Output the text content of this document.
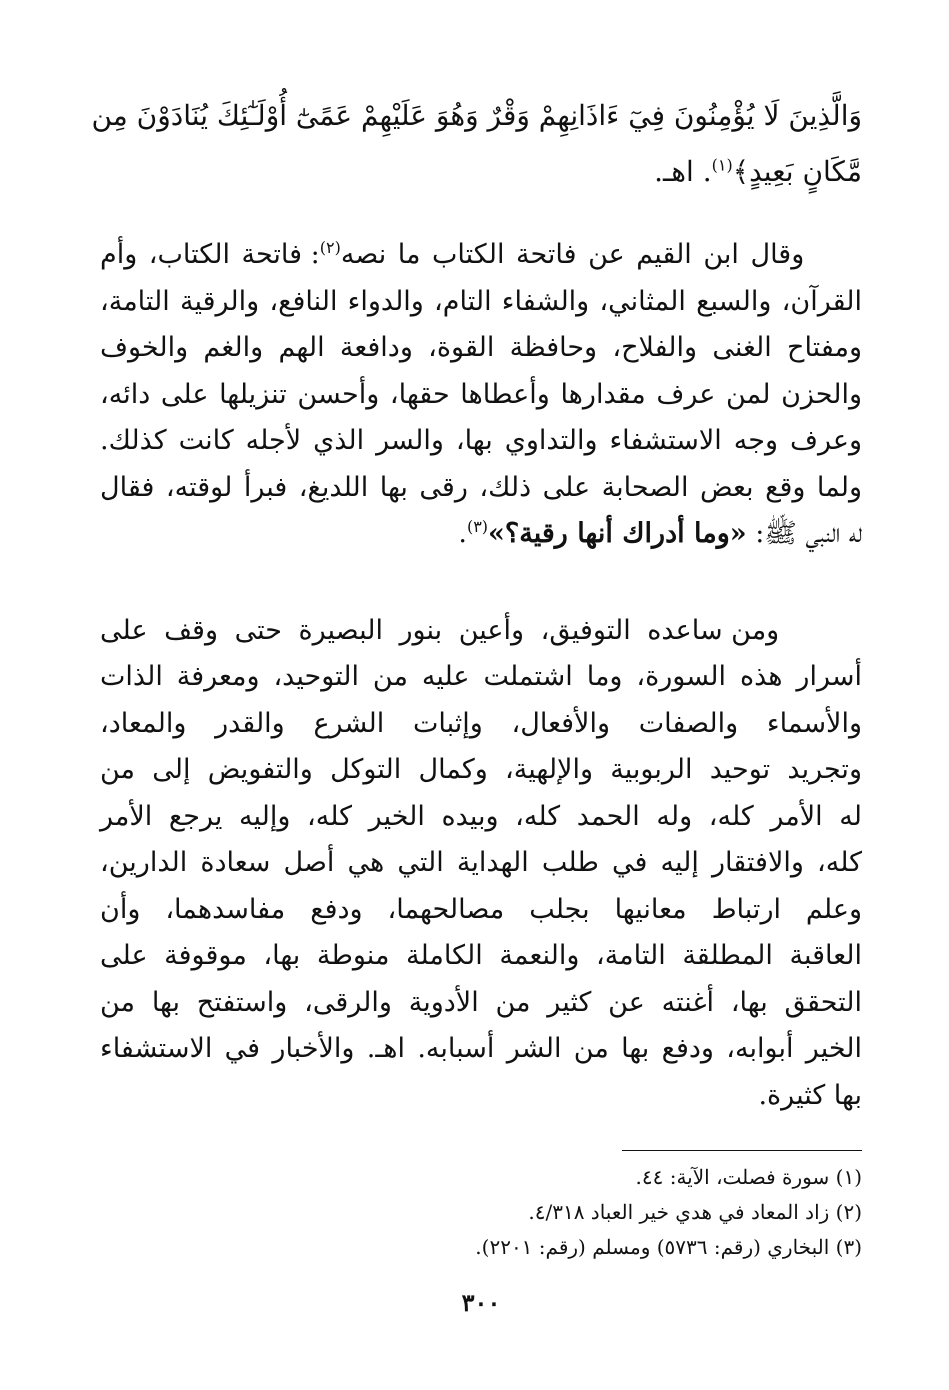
وَالَّذِينَ لَا يُؤْمِنُونَ فِيٓ ءَاذَانِهِمْ وَقْرٌ وَهُوَ عَلَيْهِمْ عَمًىٰٓ أُوْلَـٰٓئِكَ يُنَادَوْنَ مِن
مَّكَانٍ بَعِيدٍ﴾$^{(١)}$. اهـ.

وقال ابن القيم عن فاتحة الكتاب ما نصه$^{(٢)}$: فاتحة الكتاب، وأم
القرآن، والسبع المثاني، والشفاء التام، والدواء النافع، والرقية التامة،
ومفتاح الغنى والفلاح، وحافظة القوة، ودافعة الهم والغم والخوف
والحزن لمن عرف مقدارها وأعطاها حقها، وأحسن تنزيلها على دائه،
وعرف وجه الاستشفاء والتداوي بها، والسر الذي لأجله كانت كذلك.
ولما وقع بعض الصحابة على ذلك، رقى بها اللديغ، فبرأ لوقته، فقال
له النبي ﷺ: «وما أدراك أنها رقية؟»$^{(٣)}$.

ومن ساعده التوفيق، وأعين بنور البصيرة حتى وقف على
أسرار هذه السورة، وما اشتملت عليه من التوحيد، ومعرفة الذات
والأسماء والصفات والأفعال، وإثبات الشرع والقدر والمعاد،
وتجريد توحيد الربوبية والإلهية، وكمال التوكل والتفويض إلى من
له الأمر كله، وله الحمد كله، وبيده الخير كله، وإليه يرجع الأمر
كله، والافتقار إليه في طلب الهداية التي هي أصل سعادة الدارين،
وعلم ارتباط معانيها بجلب مصالحهما، ودفع مفاسدهما، وأن
العاقبة المطلقة التامة، والنعمة الكاملة منوطة بها، موقوفة على
التحقق بها، أغنته عن كثير من الأدوية والرقى، واستفتح بها من
الخير أبوابه، ودفع بها من الشر أسبابه. اهـ. والأخبار في الاستشفاء
بها كثيرة.

(١) سورة فصلت، الآية: ٤٤.
(٢) زاد المعاد في هدي خير العباد ٤/٣١٨.
(٣) البخاري (رقم: ٥٧٣٦) ومسلم (رقم: ٢٢٠١).
٣٠٠
